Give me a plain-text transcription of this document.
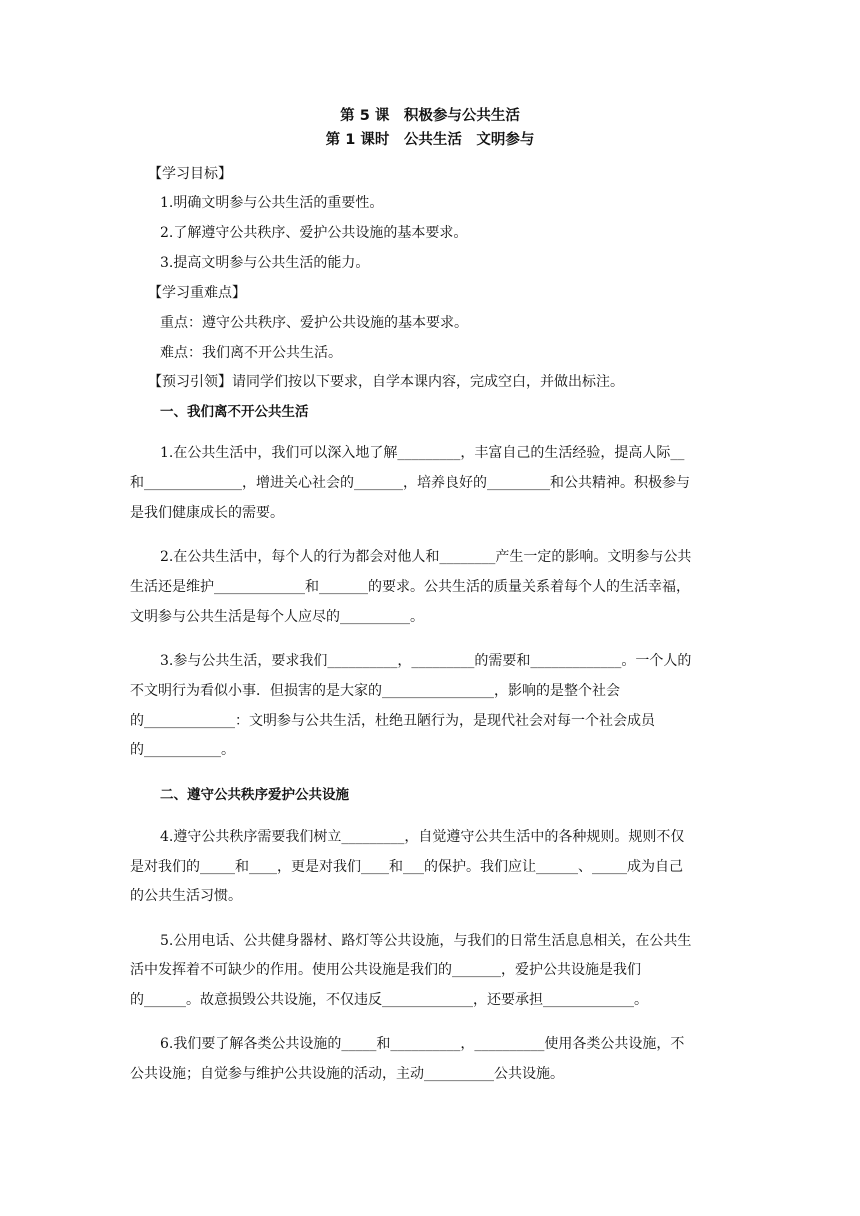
第 5 课　积极参与公共生活
第 1 课时　公共生活　文明参与
【学习目标】
1.明确文明参与公共生活的重要性。
2.了解遵守公共秩序、爱护公共设施的基本要求。
3.提高文明参与公共生活的能力。
【学习重难点】
重点：遵守公共秩序、爱护公共设施的基本要求。
难点：我们离不开公共生活。
【预习引领】请同学们按以下要求，自学本课内容，完成空白，并做出标注。
一、我们离不开公共生活
1.在公共生活中，我们可以深入地了解_________，丰富自己的生活经验，提高人际__
和______________，增进关心社会的_______，培养良好的_________和公共精神。积极参与
是我们健康成长的需要。
2.在公共生活中，每个人的行为都会对他人和________产生一定的影响。文明参与公共
生活还是维护_____________和_______的要求。公共生活的质量关系着每个人的生活幸福，
文明参与公共生活是每个人应尽的__________。
3.参与公共生活，要求我们__________，_________的需要和_____________。一个人的
不文明行为看似小事．但损害的是大家的________________，影响的是整个社会
的_____________：文明参与公共生活，杜绝丑陋行为，是现代社会对每一个社会成员
的___________。
二、遵守公共秩序爱护公共设施
4.遵守公共秩序需要我们树立_________，自觉遵守公共生活中的各种规则。规则不仅
是对我们的_____和____，更是对我们____和___的保护。我们应让______、_____成为自己
的公共生活习惯。
5.公用电话、公共健身器材、路灯等公共设施，与我们的日常生活息息相关，在公共生
活中发挥着不可缺少的作用。使用公共设施是我们的_______，爱护公共设施是我们
的______。故意损毁公共设施，不仅违反_____________，还要承担_____________。
6.我们要了解各类公共设施的_____和__________，__________使用各类公共设施，不
公共设施；自觉参与维护公共设施的活动，主动__________公共设施。
